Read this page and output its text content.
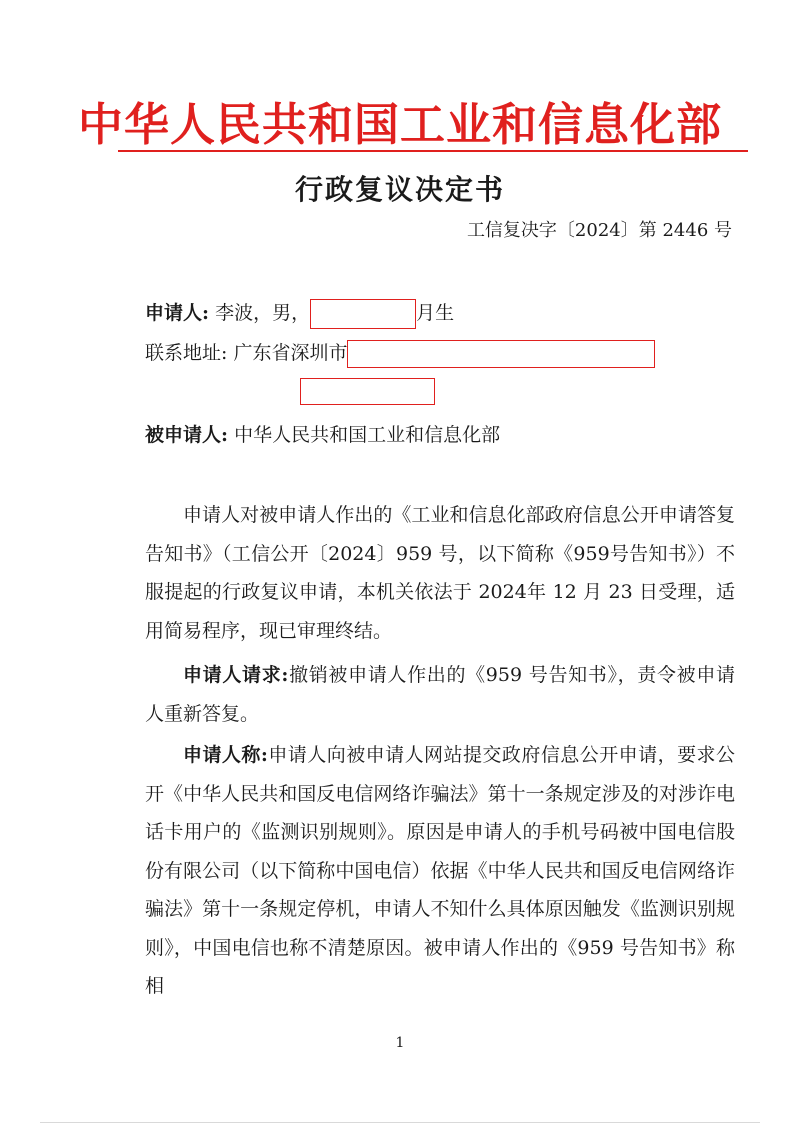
中华人民共和国工业和信息化部
行政复议决定书
工信复决字〔2024〕第 2446 号
申请人: 李波，男，	月生
联系地址: 广东省深圳市
被申请人: 中华人民共和国工业和信息化部

申请人对被申请人作出的《工业和信息化部政府信息公开申请答复告知书》（工信公开〔2024〕959 号，以下简称《959号告知书》）不服提起的行政复议申请，本机关依法于 2024年 12 月 23 日受理，适用简易程序，现已审理终结。

申请人请求:撤销被申请人作出的《959 号告知书》，责令被申请人重新答复。

申请人称:申请人向被申请人网站提交政府信息公开申请，要求公开《中华人民共和国反电信网络诈骗法》第十一条规定涉及的对涉诈电话卡用户的《监测识别规则》。原因是申请人的手机号码被中国电信股份有限公司（以下简称中国电信）依据《中华人民共和国反电信网络诈骗法》第十一条规定停机，申请人不知什么具体原因触发《监测识别规则》，中国电信也称不清楚原因。被申请人作出的《959 号告知书》称相

1
